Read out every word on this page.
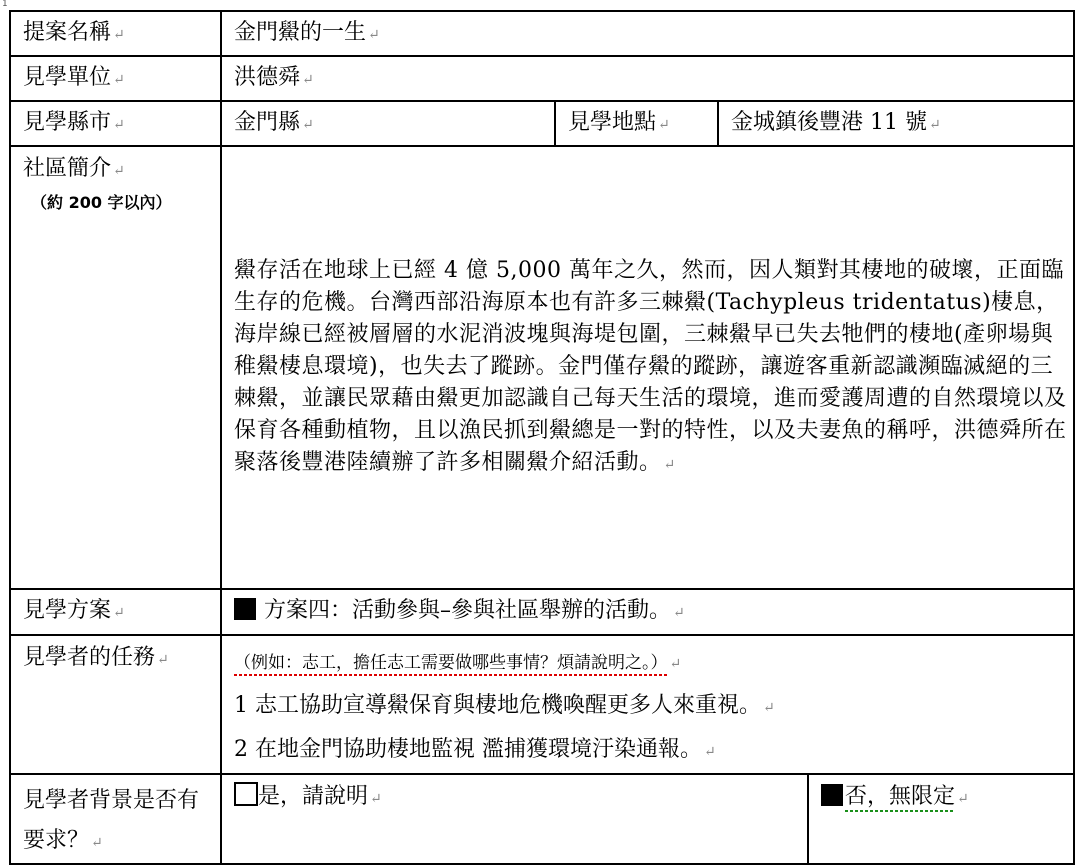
1
提案名稱 ↵	金門鱟的一生 ↵			
見學單位 ↵	洪德舜 ↵			
見學縣市 ↵	金門縣 ↵	見學地點 ↵	金城鎮後豐港 11 號 ↵	

社區簡介 ↵
（約 200 字以內）	鱟存活在地球上已經 4 億 5,000 萬年之久，然而，因人類對其棲地的破壞，正面臨生存的危機。台灣西部沿海原本也有許多三棘鱟(Tachypleus tridentatus)棲息，海岸線已經被層層的水泥消波塊與海堤包圍，三棘鱟早已失去牠們的棲地(產卵場與稚鱟棲息環境)，也失去了蹤跡。金門僅存鱟的蹤跡，讓遊客重新認識瀕臨滅絕的三棘鱟，並讓民眾藉由鱟更加認識自己每天生活的環境，進而愛護周遭的自然環境以及保育各種動植物，且以漁民抓到鱟總是一對的特性，以及夫妻魚的稱呼，洪德舜所在聚落後豐港陸續辦了許多相關鱟介紹活動。 ↵			
見學方案 ↵	方案四：活動參與–參與社區舉辦的活動。 ↵			
見學者的任務 ↵	（例如：志工，擔任志工需要做哪些事情？煩請說明之。） ↵
1 志工協助宣導鱟保育與棲地危機喚醒更多人來重視。 ↵
2 在地金門協助棲地監視 濫捕獲環境汙染通報。 ↵			

見學者背景是否有要求？ ↵	是，請說明 ↵			否，無限定 ↵
